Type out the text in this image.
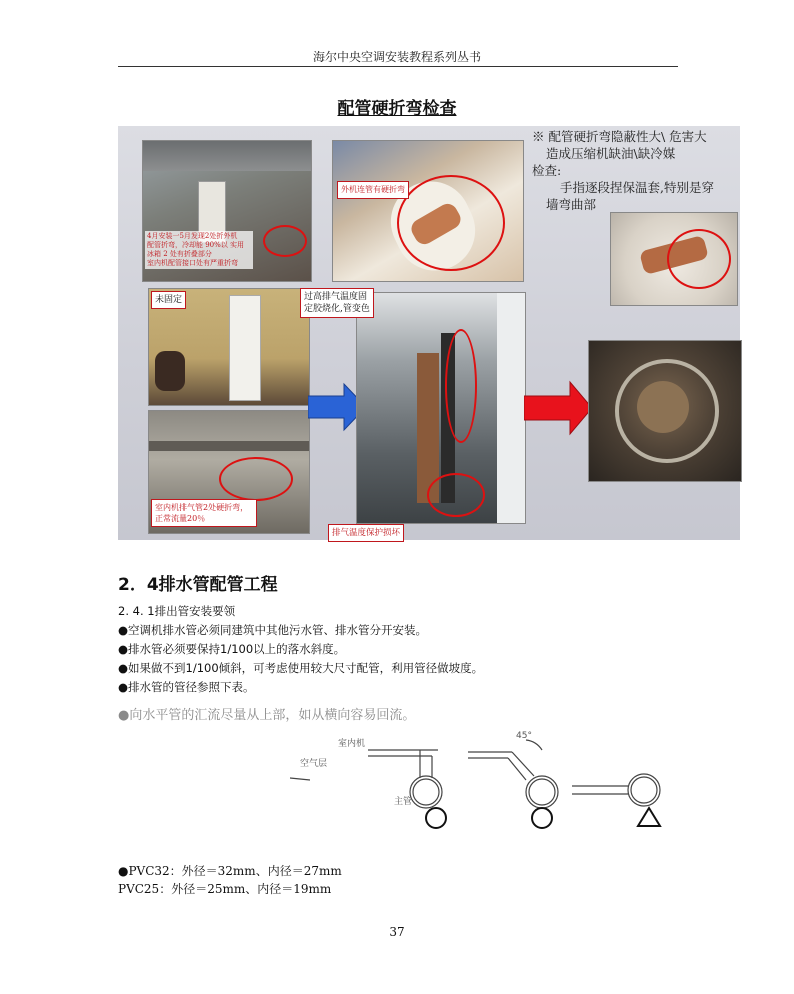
海尔中央空调安装教程系列丛书
配管硬折弯检查
4月安装一5月发现2处折外机
配管折弯，冷却能 90%以 实用
冰箱 2 处有折叠部分
室内机配管接口处有严重折弯
外机连管有硬折弯
※ 配管硬折弯隐蔽性大\ 危害大
造成压缩机缺油\缺冷媒
检查:
手指逐段捏保温套,特别是穿
墙弯曲部
未固定
室内机排气管2处硬折弯，正常流量20％
过高排气温度固定胶烧化,管变色
排气温度保护损坏
2．4排水管配管工程
2. 4. 1排出管安装要领
●空调机排水管必须同建筑中其他污水管、排水管分开安装。
●排水管必须要保持1/100以上的落水斜度。
●如果做不到1/100倾斜，可考虑使用较大尺寸配管，利用管径做坡度。
●排水管的管径参照下表。
●向水平管的汇流尽量从上部，如从横向容易回流。
室内机
空气层
主管
45°
●PVC32：外径＝32mm、内径＝27mm
PVC25：外径＝25mm、内径＝19mm
37
